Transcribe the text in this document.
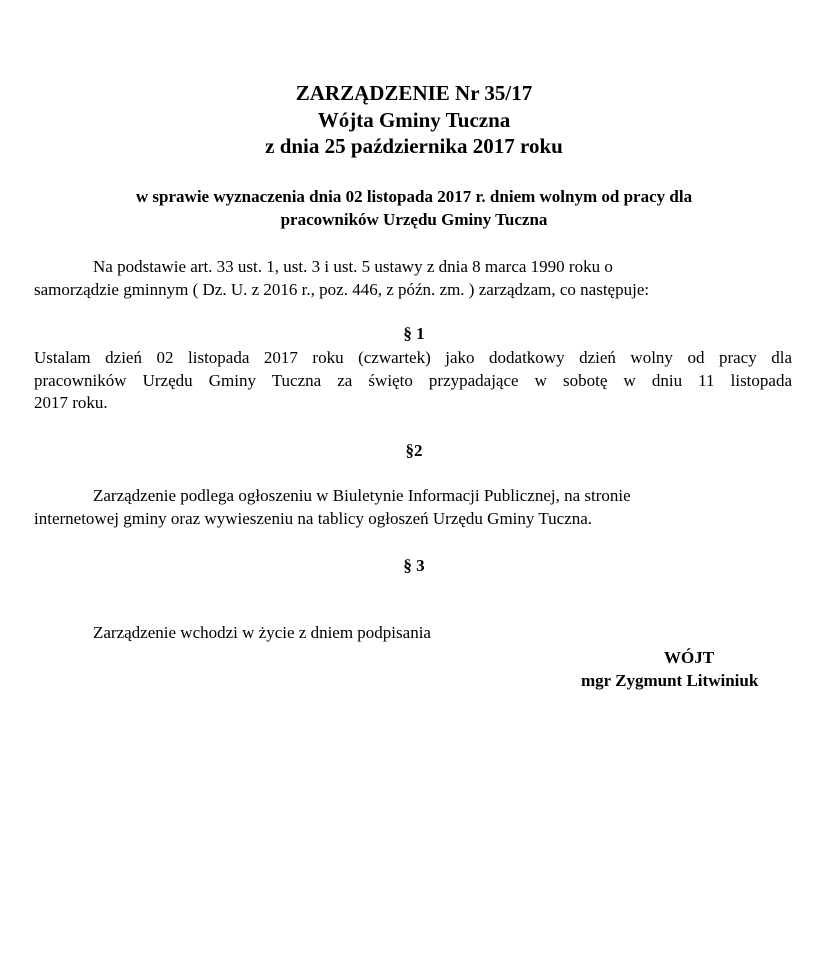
ZARZĄDZENIE Nr 35/17
Wójta Gminy Tuczna
z dnia 25 października 2017 roku
w sprawie wyznaczenia dnia 02 listopada 2017 r. dniem wolnym od pracy dla
pracowników Urzędu Gminy Tuczna
Na podstawie art. 33 ust. 1, ust. 3 i ust. 5 ustawy z dnia 8 marca 1990 roku o
samorządzie gminnym ( Dz. U. z 2016 r., poz. 446, z późn. zm. ) zarządzam, co następuje:
§ 1
Ustalam dzień 02 listopada 2017 roku (czwartek) jako dodatkowy dzień wolny od pracy dla
pracowników Urzędu Gminy Tuczna za święto przypadające w sobotę w dniu 11 listopada
2017 roku.
§2
Zarządzenie podlega ogłoszeniu w Biuletynie Informacji Publicznej, na stronie
internetowej gminy oraz wywieszeniu na tablicy ogłoszeń Urzędu Gminy Tuczna.
§ 3
Zarządzenie wchodzi w życie z dniem podpisania
WÓJT
mgr Zygmunt Litwiniuk
